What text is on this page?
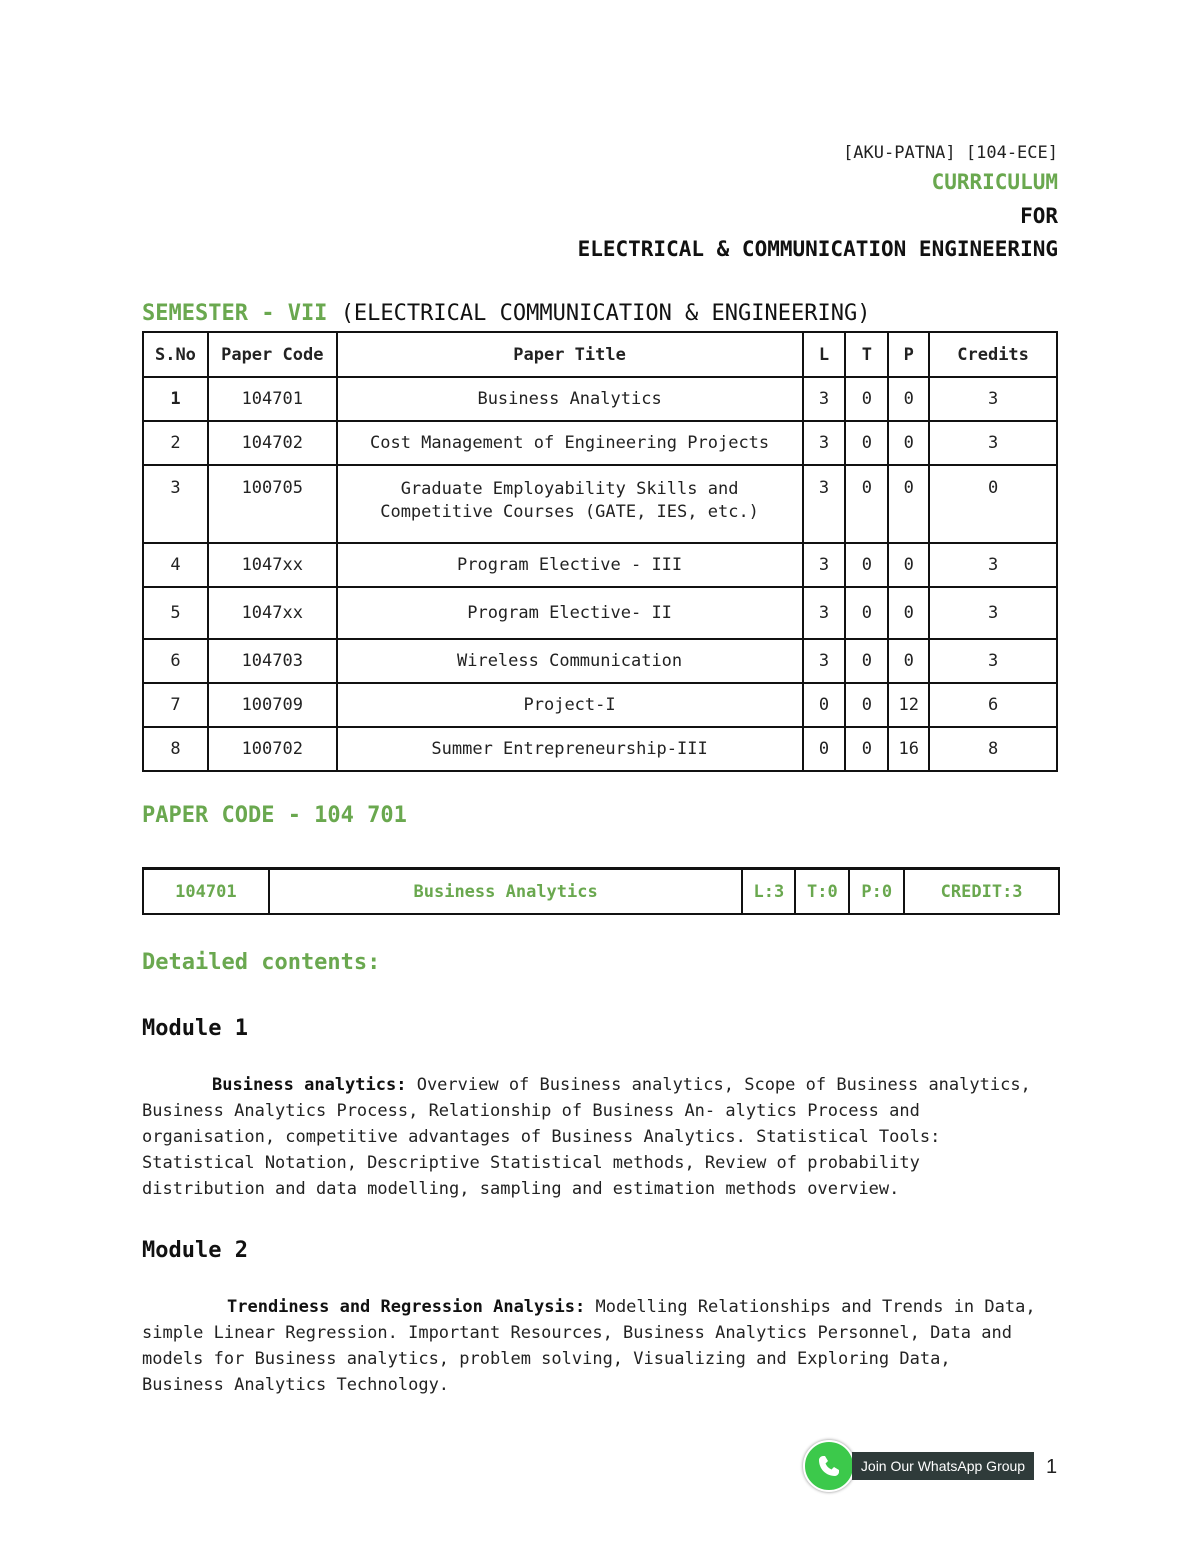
[AKU-PATNA] [104-ECE]
CURRICULUM
FOR
ELECTRICAL & COMMUNICATION ENGINEERING
SEMESTER - VII (ELECTRICAL COMMUNICATION & ENGINEERING)
S.No	Paper Code	Paper Title	L	T	P	Credits
1	104701	Business Analytics	3	0	0	3
2	104702	Cost Management of Engineering Projects	3	0	0	3
3	100705	Graduate Employability Skills and
Competitive Courses (GATE, IES, etc.)	3	0	0	0
4	1047xx	Program Elective - III	3	0	0	3
5	1047xx	Program Elective- II	3	0	0	3
6	104703	Wireless Communication	3	0	0	3
7	100709	Project-I	0	0	12	6
8	100702	Summer Entrepreneurship-III	0	0	16	8
PAPER CODE - 104 701
104701	Business Analytics	L:3	T:0	P:0	CREDIT:3
Detailed contents:
Module 1

Business analytics: Overview of Business analytics, Scope of Business analytics, Business Analytics Process, Relationship of Business An- alytics Process and organisation, competitive advantages of Business Analytics. Statistical Tools: Statistical Notation, Descriptive Statistical methods, Review of probability distribution and data modelling, sampling and estimation methods overview.

Module 2

Trendiness and Regression Analysis: Modelling Relationships and Trends in Data, simple Linear Regression. Important Resources, Business Analytics Personnel, Data and models for Business analytics, problem solving, Visualizing and Exploring Data, Business Analytics Technology.

Join Our WhatsApp Group	1
